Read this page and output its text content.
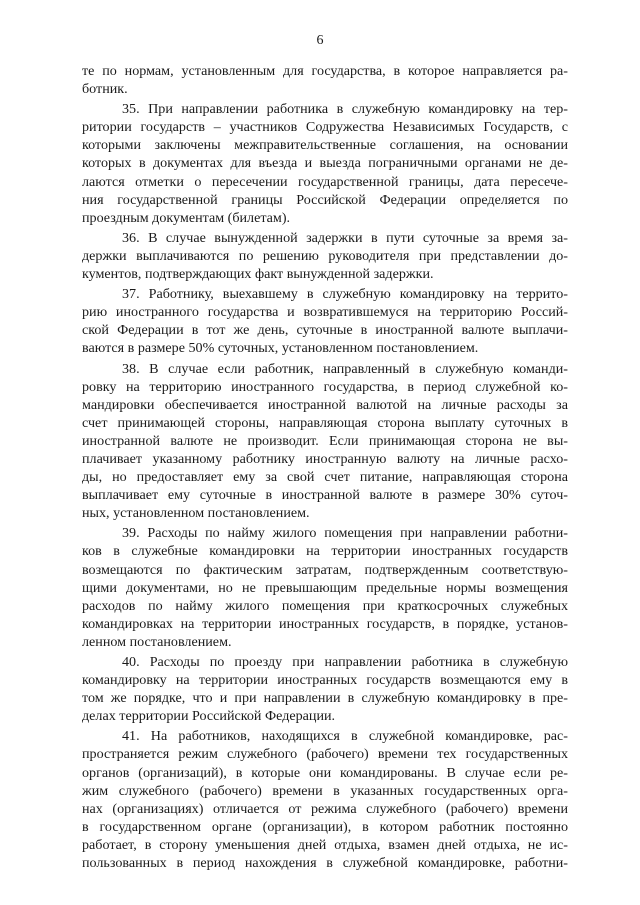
6
те по нормам, установленным для государства, в которое направляется ра-
ботник.
35. При направлении работника в служебную командировку на тер-
ритории государств – участников Содружества Независимых Государств, с
которыми заключены межправительственные соглашения, на основании
которых в документах для въезда и выезда пограничными органами не де-
лаются отметки о пересечении государственной границы, дата пересече-
ния государственной границы Российской Федерации определяется по
проездным документам (билетам).
36. В случае вынужденной задержки в пути суточные за время за-
держки выплачиваются по решению руководителя при представлении до-
кументов, подтверждающих факт вынужденной задержки.
37. Работнику, выехавшему в служебную командировку на террито-
рию иностранного государства и возвратившемуся на территорию Россий-
ской Федерации в тот же день, суточные в иностранной валюте выплачи-
ваются в размере 50% суточных, установленном постановлением.
38. В случае если работник, направленный в служебную команди-
ровку на территорию иностранного государства, в период служебной ко-
мандировки обеспечивается иностранной валютой на личные расходы за
счет принимающей стороны, направляющая сторона выплату суточных в
иностранной валюте не производит. Если принимающая сторона не вы-
плачивает указанному работнику иностранную валюту на личные расхо-
ды, но предоставляет ему за свой счет питание, направляющая сторона
выплачивает ему суточные в иностранной валюте в размере 30% суточ-
ных, установленном постановлением.
39. Расходы по найму жилого помещения при направлении работни-
ков в служебные командировки на территории иностранных государств
возмещаются по фактическим затратам, подтвержденным соответствую-
щими документами, но не превышающим предельные нормы возмещения
расходов по найму жилого помещения при краткосрочных служебных
командировках на территории иностранных государств, в порядке, установ-
ленном постановлением.
40. Расходы по проезду при направлении работника в служебную
командировку на территории иностранных государств возмещаются ему в
том же порядке, что и при направлении в служебную командировку в пре-
делах территории Российской Федерации.
41. На работников, находящихся в служебной командировке, рас-
пространяется режим служебного (рабочего) времени тех государственных
органов (организаций), в которые они командированы. В случае если ре-
жим служебного (рабочего) времени в указанных государственных орга-
нах (организациях) отличается от режима служебного (рабочего) времени
в государственном органе (организации), в котором работник постоянно
работает, в сторону уменьшения дней отдыха, взамен дней отдыха, не ис-
пользованных в период нахождения в служебной командировке, работни-
